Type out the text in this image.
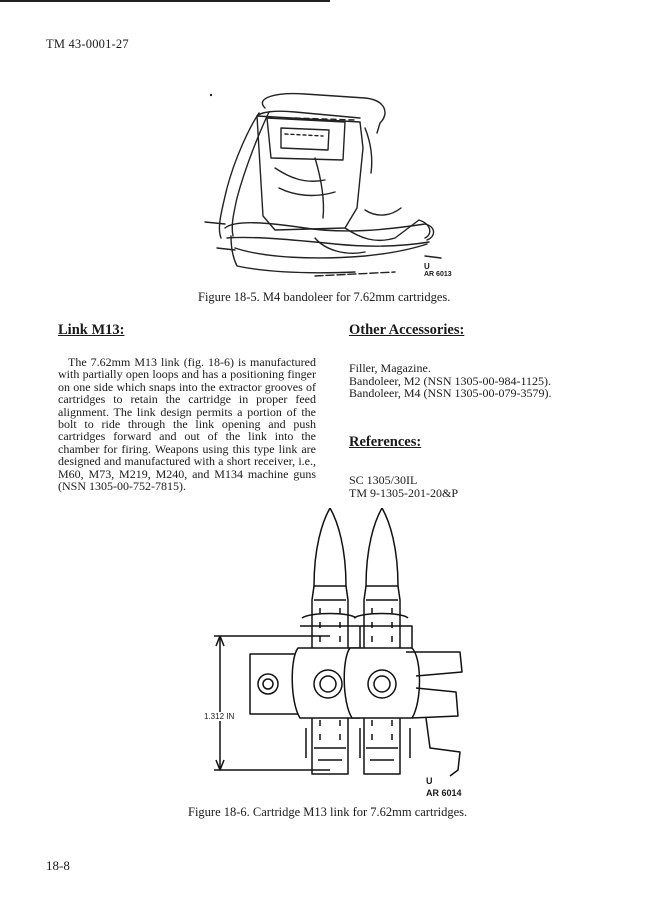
TM 43-0001-27
U
AR 6013
Figure 18-5. M4 bandoleer for 7.62mm cartridges.
Link M13:

The 7.62mm M13 link (fig. 18-6) is manufactured with partially open loops and has a positioning finger on one side which snaps into the extractor grooves of cartridges to retain the cartridge in proper feed alignment. The link design permits a portion of the bolt to ride through the link opening and push cartridges forward and out of the link into the chamber for firing. Weapons using this type link are designed and manufactured with a short receiver, i.e., M60, M73, M219, M240, and M134 machine guns (NSN 1305-00-752-7815).

Other Accessories:
Filler, Magazine.
Bandoleer, M2 (NSN 1305-00-984-1125).
Bandoleer, M4 (NSN 1305-00-079-3579).
References:
SC 1305/30IL
TM 9-1305-201-20&P
1.312 IN
U
AR 6014
Figure 18-6. Cartridge M13 link for 7.62mm cartridges.
18-8
